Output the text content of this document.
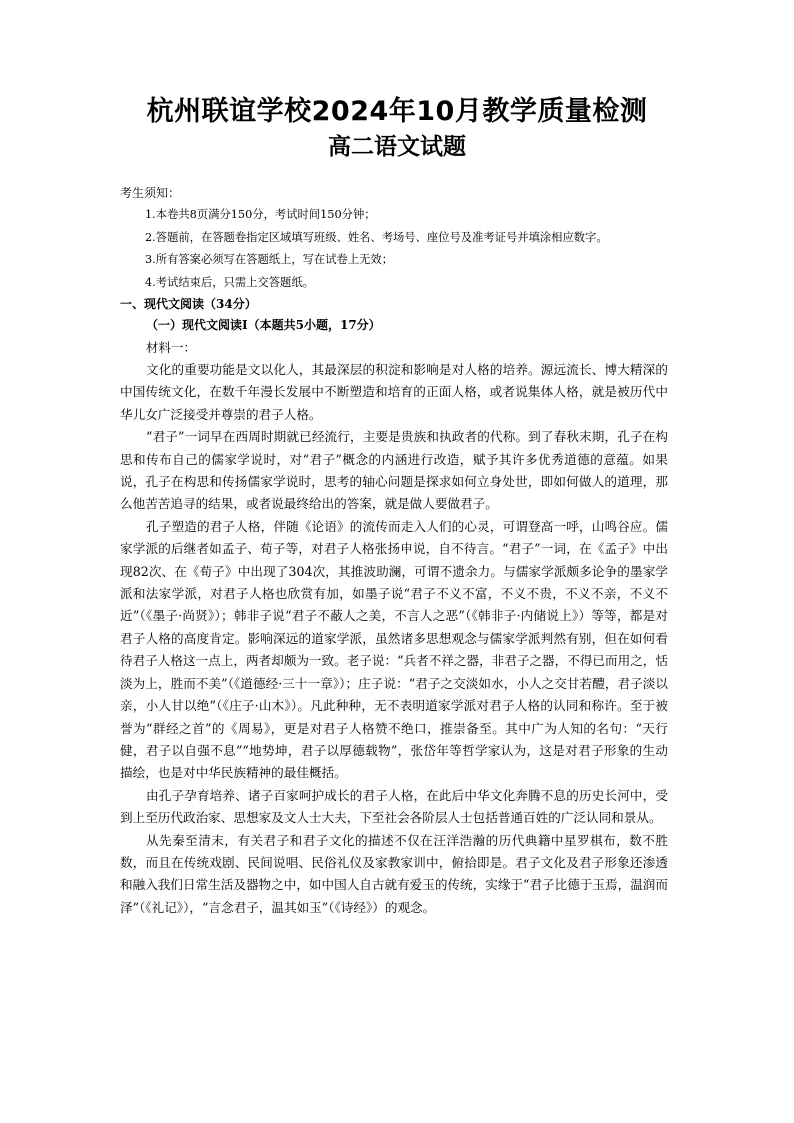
杭州联谊学校2024年10月教学质量检测
高二语文试题
考生须知：
1.本卷共8页满分150分，考试时间150分钟；
2.答题前，在答题卷指定区域填写班级、姓名、考场号、座位号及准考证号并填涂相应数字。
3.所有答案必须写在答题纸上，写在试卷上无效；
4.考试结束后，只需上交答题纸。
一、现代文阅读（34分）
（一）现代文阅读Ⅰ（本题共5小题，17分）
材料一：

文化的重要功能是文以化人，其最深层的积淀和影响是对人格的培养。源远流长、博大精深的中国传统文化，在数千年漫长发展中不断塑造和培育的正面人格，或者说集体人格，就是被历代中华儿女广泛接受并尊崇的君子人格。

“君子”一词早在西周时期就已经流行，主要是贵族和执政者的代称。到了春秋末期，孔子在构思和传布自己的儒家学说时，对“君子”概念的内涵进行改造，赋予其许多优秀道德的意蕴。如果说，孔子在构思和传扬儒家学说时，思考的轴心问题是探求如何立身处世，即如何做人的道理，那么他苦苦追寻的结果，或者说最终给出的答案，就是做人要做君子。

孔子塑造的君子人格，伴随《论语》的流传而走入人们的心灵，可谓登高一呼，山鸣谷应。儒家学派的后继者如孟子、荀子等，对君子人格张扬申说，自不待言。“君子”一词，在《孟子》中出现82次、在《荀子》中出现了304次，其推波助澜，可谓不遗余力。与儒家学派颇多论争的墨家学派和法家学派，对君子人格也欣赏有加，如墨子说“君子不义不富，不义不贵，不义不亲，不义不近”（《墨子·尚贤》）；韩非子说“君子不蔽人之美，不言人之恶”（《韩非子·内储说上》）等等，都是对君子人格的高度肯定。影响深远的道家学派，虽然诸多思想观念与儒家学派判然有别，但在如何看待君子人格这一点上，两者却颇为一致。老子说：“兵者不祥之器，非君子之器，不得已而用之，恬淡为上，胜而不美”（《道德经·三十一章》）；庄子说：“君子之交淡如水，小人之交甘若醴，君子淡以亲，小人甘以绝”（《庄子·山木》）。凡此种种，无不表明道家学派对君子人格的认同和称许。至于被誉为“群经之首”的《周易》，更是对君子人格赞不绝口，推崇备至。其中广为人知的名句：“天行健，君子以自强不息”“地势坤，君子以厚德载物”，张岱年等哲学家认为，这是对君子形象的生动描绘，也是对中华民族精神的最佳概括。

由孔子孕育培养、诸子百家呵护成长的君子人格，在此后中华文化奔腾不息的历史长河中，受到上至历代政治家、思想家及文人士大夫，下至社会各阶层人士包括普通百姓的广泛认同和景从。

从先秦至清末，有关君子和君子文化的描述不仅在汪洋浩瀚的历代典籍中星罗棋布，数不胜数，而且在传统戏剧、民间说唱、民俗礼仪及家教家训中，俯拾即是。君子文化及君子形象还渗透和融入我们日常生活及器物之中，如中国人自古就有爱玉的传统，实缘于“君子比德于玉焉，温润而泽”（《礼记》），“言念君子，温其如玉”（《诗经》）的观念。
